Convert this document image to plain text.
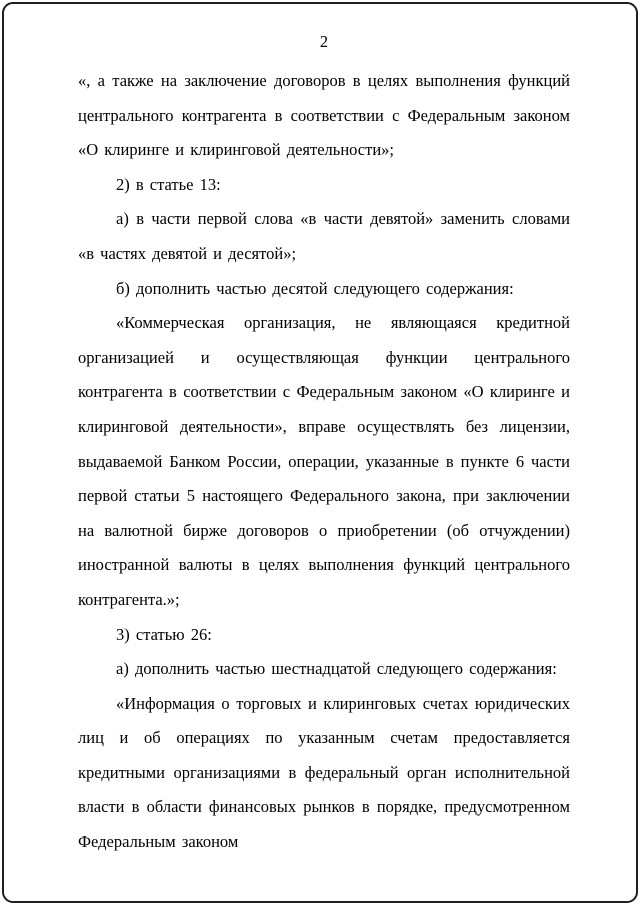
2

«, а также на заключение договоров в целях выполнения функций центрального контрагента в соответствии с Федеральным законом «О клиринге и клиринговой деятельности»;

2) в статье 13:

а) в части первой слова «в части девятой» заменить словами «в частях девятой и десятой»;

б) дополнить частью десятой следующего содержания:

«Коммерческая организация, не являющаяся кредитной организацией и осуществляющая функции центрального контрагента в соответствии с Федеральным законом «О клиринге и клиринговой деятельности», вправе осуществлять без лицензии, выдаваемой Банком России, операции, указанные в пункте 6 части первой статьи 5 настоящего Федерального закона, при заключении на валютной бирже договоров о приобретении (об отчуждении) иностранной валюты в целях выполнения функций центрального контрагента.»;

3) статью 26:

а) дополнить частью шестнадцатой следующего содержания:

«Информация о торговых и клиринговых счетах юридических лиц и об операциях по указанным счетам предоставляется кредитными организациями в федеральный орган исполнительной власти в области финансовых рынков в порядке, предусмотренном Федеральным законом
